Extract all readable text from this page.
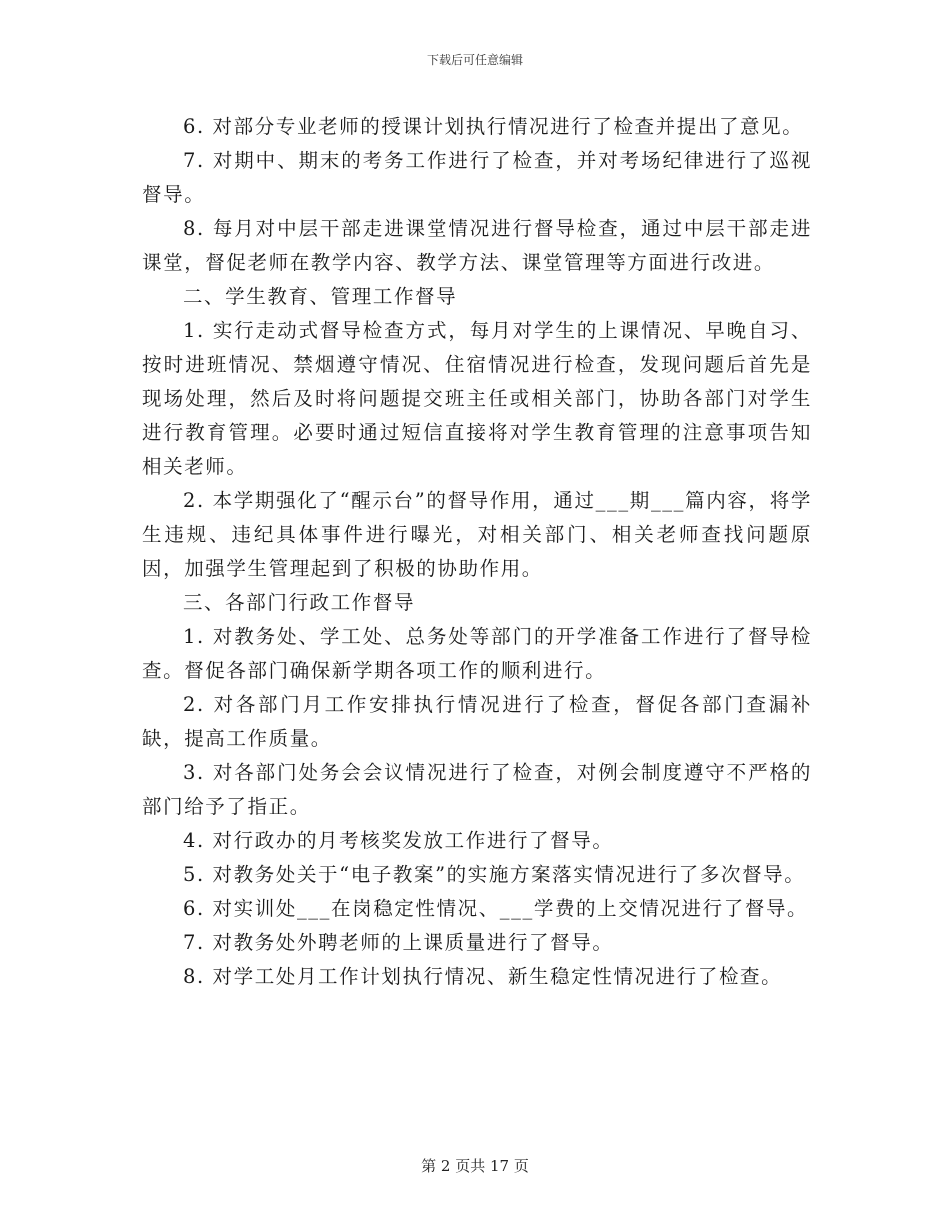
下载后可任意编辑

6. 对部分专业老师的授课计划执行情况进行了检查并提出了意见。

7. 对期中、期末的考务工作进行了检查，并对考场纪律进行了巡视督导。

8. 每月对中层干部走进课堂情况进行督导检查，通过中层干部走进课堂，督促老师在教学内容、教学方法、课堂管理等方面进行改进。

二、学生教育、管理工作督导

1. 实行走动式督导检查方式，每月对学生的上课情况、早晚自习、按时进班情况、禁烟遵守情况、住宿情况进行检查，发现问题后首先是现场处理，然后及时将问题提交班主任或相关部门，协助各部门对学生进行教育管理。必要时通过短信直接将对学生教育管理的注意事项告知相关老师。

2. 本学期强化了“醒示台”的督导作用，通过___期___篇内容，将学生违规、违纪具体事件进行曝光，对相关部门、相关老师查找问题原因，加强学生管理起到了积极的协助作用。

三、各部门行政工作督导

1. 对教务处、学工处、总务处等部门的开学准备工作进行了督导检查。督促各部门确保新学期各项工作的顺利进行。

2. 对各部门月工作安排执行情况进行了检查，督促各部门查漏补缺，提高工作质量。

3. 对各部门处务会会议情况进行了检查，对例会制度遵守不严格的部门给予了指正。

4. 对行政办的月考核奖发放工作进行了督导。

5. 对教务处关于“电子教案”的实施方案落实情况进行了多次督导。

6. 对实训处___在岗稳定性情况、___学费的上交情况进行了督导。

7. 对教务处外聘老师的上课质量进行了督导。

8. 对学工处月工作计划执行情况、新生稳定性情况进行了检查。

第 2 页共 17 页
